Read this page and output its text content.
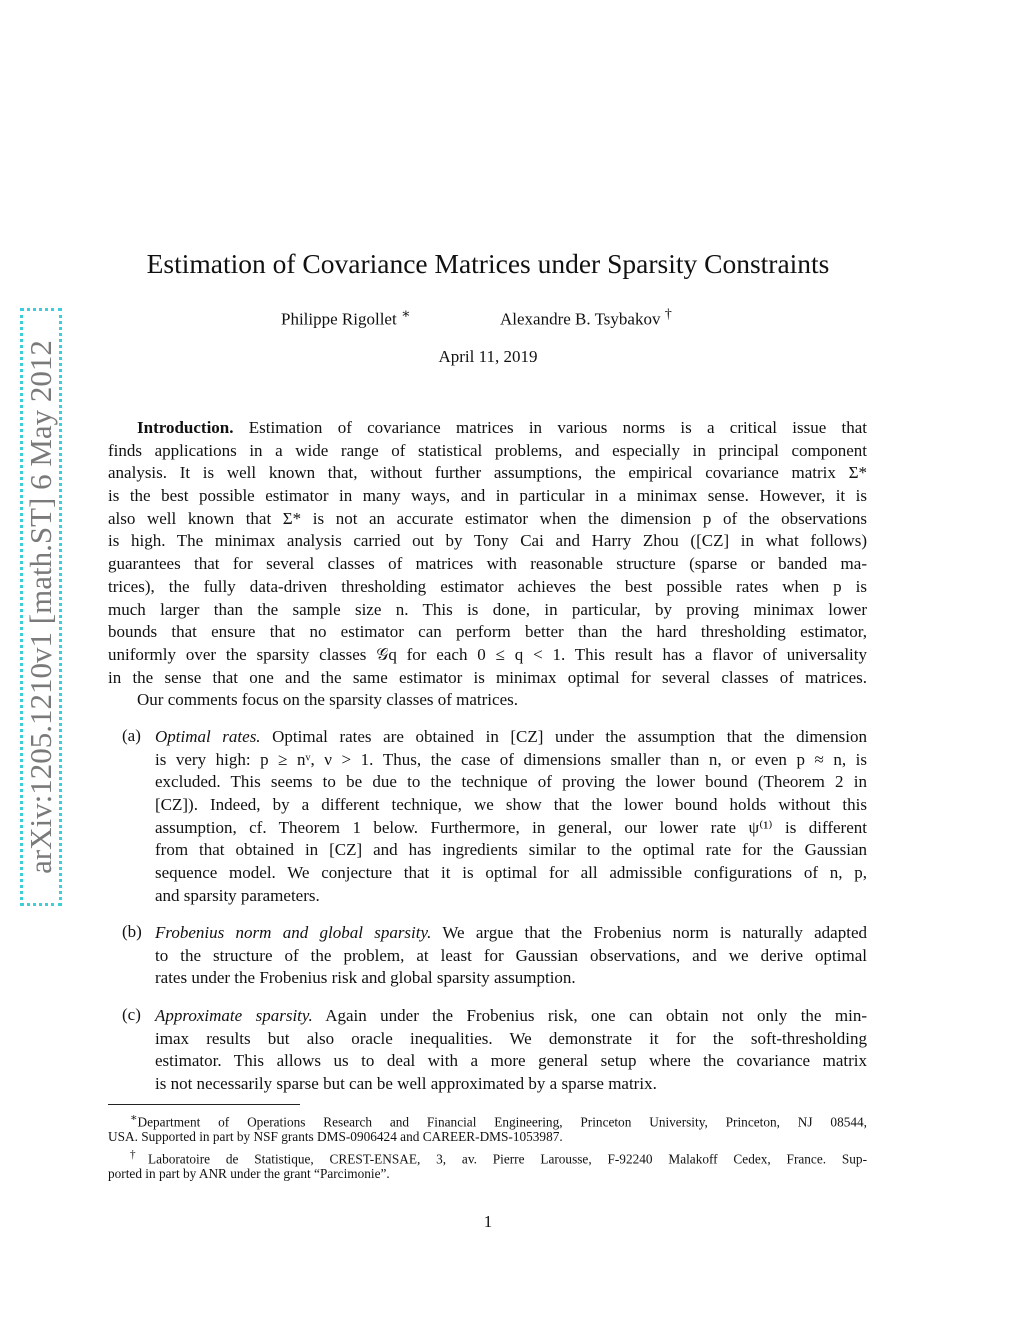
arXiv:1205.1210v1 [math.ST] 6 May 2012
Estimation of Covariance Matrices under Sparsity Constraints
Philippe Rigollet ∗	Alexandre B. Tsybakov †
April 11, 2019
Introduction. Estimation of covariance matrices in various norms is a critical issue that
finds applications in a wide range of statistical problems, and especially in principal component
analysis. It is well known that, without further assumptions, the empirical covariance matrix Σ*
is the best possible estimator in many ways, and in particular in a minimax sense. However, it is
also well known that Σ* is not an accurate estimator when the dimension p of the observations
is high. The minimax analysis carried out by Tony Cai and Harry Zhou ([CZ] in what follows)
guarantees that for several classes of matrices with reasonable structure (sparse or banded ma-
trices), the fully data-driven thresholding estimator achieves the best possible rates when p is
much larger than the sample size n. This is done, in particular, by proving minimax lower
bounds that ensure that no estimator can perform better than the hard thresholding estimator,
uniformly over the sparsity classes 𝒢q for each 0 ≤ q < 1. This result has a flavor of universality
in the sense that one and the same estimator is minimax optimal for several classes of matrices.
Our comments focus on the sparsity classes of matrices.
(a) Optimal rates. Optimal rates are obtained in [CZ] under the assumption that the dimension
is very high: p ≥ nᵛ, ν > 1. Thus, the case of dimensions smaller than n, or even p ≈ n, is
excluded. This seems to be due to the technique of proving the lower bound (Theorem 2 in
[CZ]). Indeed, by a different technique, we show that the lower bound holds without this
assumption, cf. Theorem 1 below. Furthermore, in general, our lower rate ψ⁽¹⁾ is different
from that obtained in [CZ] and has ingredients similar to the optimal rate for the Gaussian
sequence model. We conjecture that it is optimal for all admissible configurations of n, p,
and sparsity parameters.
(b) Frobenius norm and global sparsity. We argue that the Frobenius norm is naturally adapted
to the structure of the problem, at least for Gaussian observations, and we derive optimal
rates under the Frobenius risk and global sparsity assumption.
(c) Approximate sparsity. Again under the Frobenius risk, one can obtain not only the min-
imax results but also oracle inequalities. We demonstrate it for the soft-thresholding
estimator. This allows us to deal with a more general setup where the covariance matrix
is not necessarily sparse but can be well approximated by a sparse matrix.
∗Department of Operations Research and Financial Engineering, Princeton University, Princeton, NJ 08544,
USA. Supported in part by NSF grants DMS-0906424 and CAREER-DMS-1053987.
†Laboratoire de Statistique, CREST-ENSAE, 3, av. Pierre Larousse, F-92240 Malakoff Cedex, France. Sup-
ported in part by ANR under the grant “Parcimonie”.
1
